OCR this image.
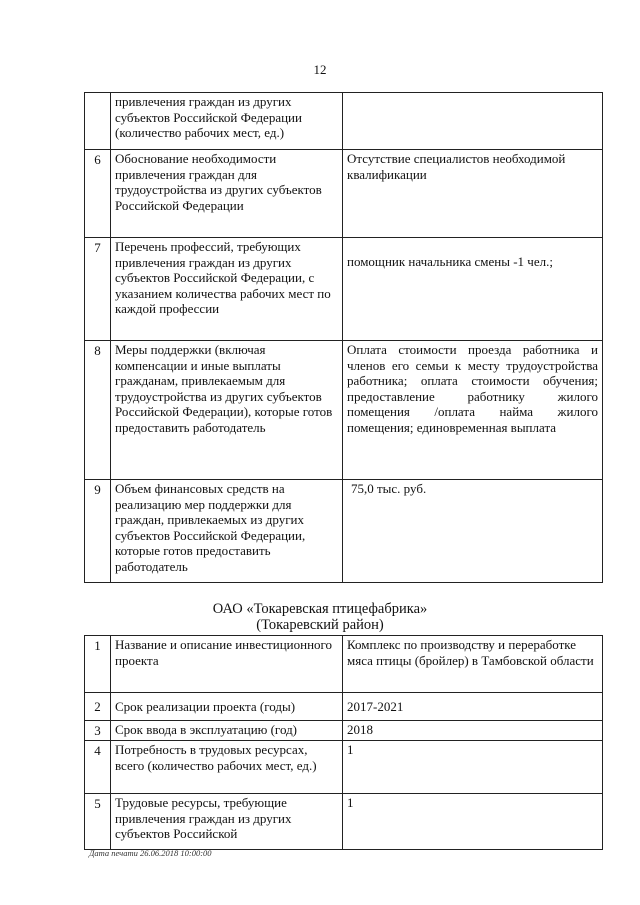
12
	привлечения граждан из других субъектов Российской Федерации (количество рабочих мест, ед.)	
6	Обоснование необходимости привлечения граждан для трудоустройства из других субъектов Российской Федерации	Отсутствие специалистов необходимой квалификации
7	Перечень профессий, требующих привлечения граждан из других субъектов Российской Федерации, с указанием количества рабочих мест по каждой профессии	помощник начальника смены -1 чел.;
8	Меры поддержки (включая компенсации и иные выплаты гражданам, привлекаемым для трудоустройства из других субъектов Российской Федерации), которые готов предоставить работодатель	Оплата стоимости проезда работника и членов его семьи к месту трудоустройства работника; оплата стоимости обучения; предоставление работнику жилого помещения /оплата найма жилого помещения; единовременная выплата
9	Объем финансовых средств на реализацию мер поддержки для граждан, привлекаемых из других субъектов Российской Федерации, которые готов предоставить работодатель	75,0 тыс. руб.
ОАО «Токаревская птицефабрика»
(Токаревский район)
1	Название и описание инвестиционного проекта	Комплекс по производству и переработке мяса птицы (бройлер) в Тамбовской области
2	Срок реализации проекта (годы)	2017-2021
3	Срок ввода в эксплуатацию (год)	2018
4	Потребность в трудовых ресурсах, всего (количество рабочих мест, ед.)	1
5	Трудовые ресурсы, требующие привлечения граждан из других субъектов Российской	1
Дата печати 26.06.2018 10:00:00
